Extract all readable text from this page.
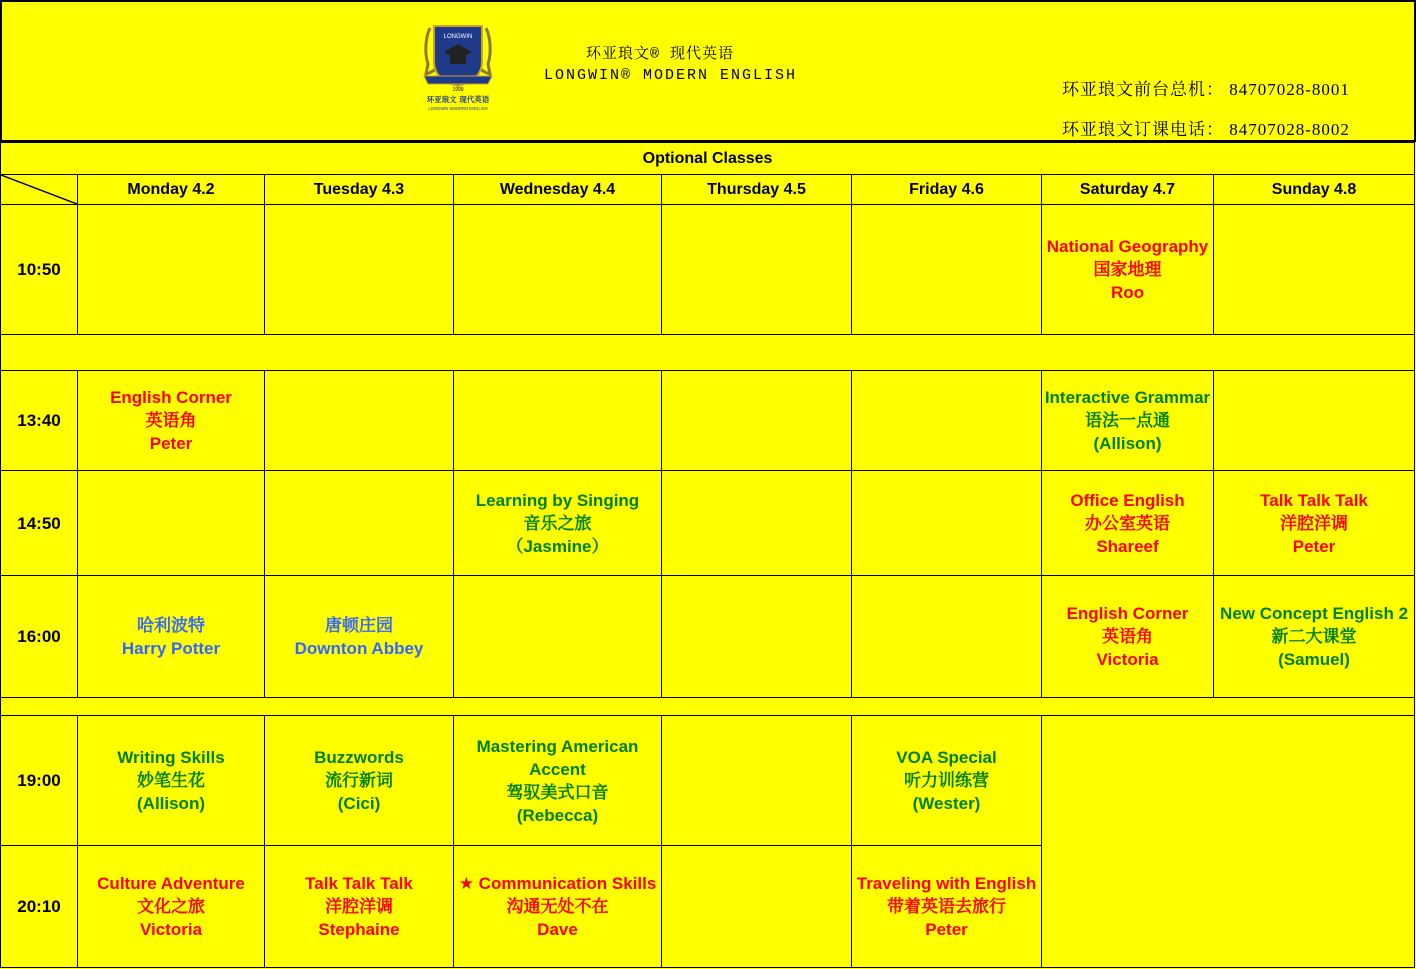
LONGWIN
1999
环亚琅文 现代英语
LONGWIN MODERN ENGLISH
环亚琅文® 现代英语
LONGWIN® MODERN ENGLISH
环亚琅文前台总机： 84707028-8001
环亚琅文订课电话： 84707028-8002
Optional Classes							

	Monday 4.2	Tuesday 4.3	Wednesday 4.4	Thursday 4.5	Friday 4.6	Saturday 4.7	Sunday 4.8
10:50						National Geography
国家地理
Roo	

13:40	English Corner
英语角
Peter					Interactive Grammar
语法一点通
(Allison)	

14:50			Learning by Singing
音乐之旅
（Jasmine）			Office English
办公室英语
Shareef	Talk Talk Talk
洋腔洋调
Peter

16:00	哈利波特
Harry Potter	唐顿庄园
Downton Abbey				English Corner
英语角
Victoria	New Concept English 2
新二大课堂
(Samuel)

19:00	Writing Skills
妙笔生花
(Allison)	Buzzwords
流行新词
(Cici)	Mastering American Accent
驾驭美式口音
(Rebecca)		VOA Special
听力训练营
(Wester)		

20:10	Culture Adventure
文化之旅
Victoria	Talk Talk Talk
洋腔洋调
Stephaine	★ Communication Skills
沟通无处不在
Dave		Traveling with English
带着英语去旅行
Peter		
